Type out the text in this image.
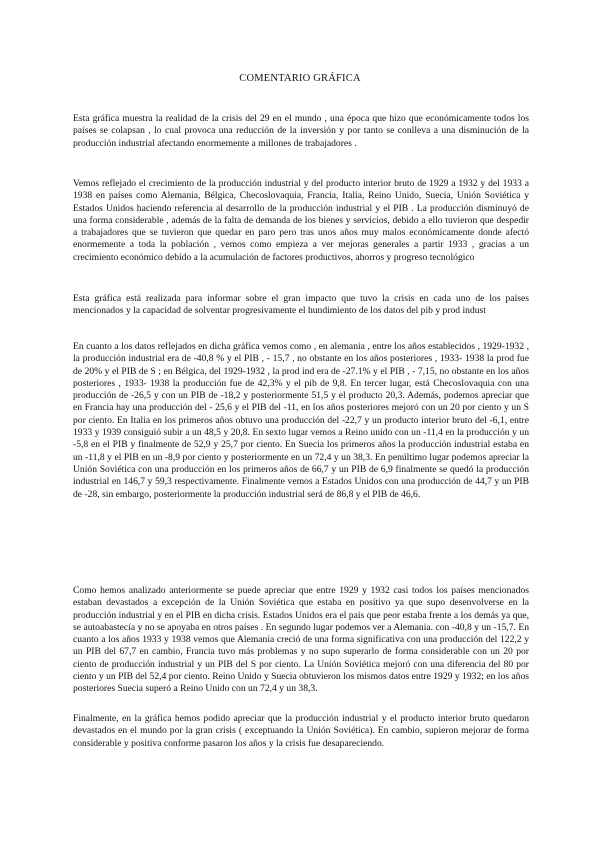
COMENTARIO GRÁFICA

Esta gráfica muestra la realidad de la crisis del 29 en el mundo , una época que hizo que económicamente todos los países se colapsan , lo cual provoca una reducción de la inversión y por tanto se conlleva a una disminución de la producción industrial afectando enormemente a millones de trabajadores .

Vemos reflejado el crecimiento de la producción industrial y del producto interior bruto de 1929 a 1932 y del 1933 a 1938 en países como Alemania, Bélgica, Checoslovaquia, Francia, Italia, Reino Unido, Suecia, Unión Soviética y Estados Unidos haciendo referencia al desarrollo de la producción industrial y el PIB . La producción disminuyó de una forma considerable , además de la falta de demanda de los bienes y servicios, debido a ello tuvieron que despedir a trabajadores que se tuvieron que quedar en paro pero tras unos años muy malos económicamente donde afectó enormemente a toda la población , vemos como empieza a ver mejoras generales a partir 1933 , gracias a un crecimiento económico debido a la acumulación de factores productivos, ahorros y progreso tecnológico

Esta gráfica está realizada para informar sobre el gran impacto que tuvo la crisis en cada uno de los países mencionados y la capacidad de solventar progresivamente el hundimiento de los datos del pib y prod indust

En cuanto a los datos reflejados en dicha gráfica vemos como , en alemania , entre los años establecidos , 1929-1932 , la producción industrial era de -40,8 % y el PIB , - 15,7 , no obstante en los años posteriores , 1933- 1938 la prod fue de 20% y el PIB de S ; en Bélgica, del 1929-1932 , la prod ind era de -27.1% y el PIB , - 7,15, no obstante en los años posteriores , 1933- 1938 la producción fue de 42,3% y el pib de 9,8. En tercer lugar, está Checoslovaquia con una producción de -26,5 y con un PIB de -18,2 y posteriormente 51,5 y el producto 20,3. Además, podemos apreciar que en Francia hay una producción del - 25,6 y el PIB del -11, en los años posteriores mejoró con un 20 por ciento y un S por ciento. En Italia en los primeros años obtuvo una producción del -22,7 y un producto interior bruto del -6,1, entre 1933 y 1939 consiguió subir a un 48,5 y 20,8. En sexto lugar vemos a Reino unido con un -11,4 en la producción y un -5,8 en el PIB y finalmente de 52,9 y 25,7 por ciento. En Suecia los primeros años la producción industrial estaba en un -11,8 y el PIB en un -8,9 por ciento y posteriormente en un 72,4 y un 38,3. En penúltimo lugar podemos apreciar la Unión Soviética con una producción en los primeros años de 66,7 y un PIB de 6,9 finalmente se quedó la producción industrial en 146,7 y 59,3 respectivamente. Finalmente vemos a Estados Unidos con una producción de 44,7 y un PIB de -28, sin embargo, posteriormente la producción industrial será de 86,8 y el PIB de 46,6.

Como hemos analizado anteriormente se puede apreciar que entre 1929 y 1932 casi todos los países mencionados estaban devastados a excepción de la Unión Soviética que estaba en positivo ya que supo desenvolverse en la producción industrial y en el PIB en dicha crisis. Estados Unidos era el país que peor estaba frente a los demás ya que, se autoabastecía y no se apoyaba en otros países . En segundo lugar podemos ver a Alemania. con -40,8 y un -15,7. En cuanto a los años 1933 y 1938 vemos que Alemania creció de una forma significativa con una producción del 122,2 y un PIB del 67,7 en cambio, Francia tuvo más problemas y no supo superarlo de forma considerable con un 20 por ciento de producción industrial y un PIB del S por ciento. La Unión Soviética mejoró con una diferencia del 80 por ciento y un PIB del 52,4 por ciento. Reino Unido y Suecia obtuvieron los mismos datos entre 1929 y 1932; en los años posteriores Suecia superó a Reino Unido con un 72,4 y un 38,3.

Finalmente, en la gráfica hemos podido apreciar que la producción industrial y el producto interior bruto quedaron devastados en el mundo por la gran crisis ( exceptuando la Unión Soviética). En cambio, supieron mejorar de forma considerable y positiva conforme pasaron los años y la crisis fue desapareciendo.
